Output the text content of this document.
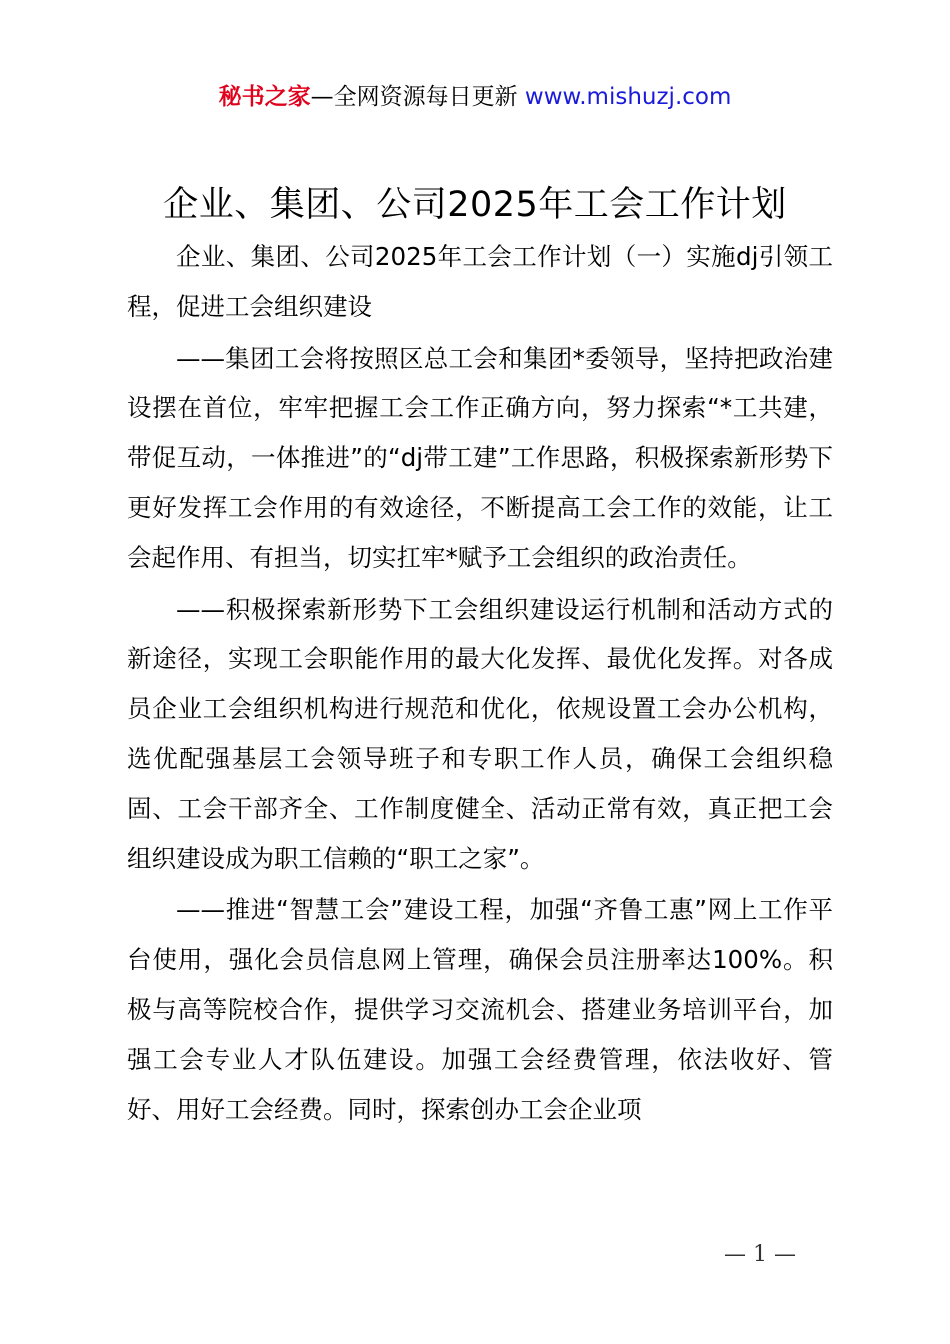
秘书之家—全网资源每日更新 www.mishuzj.com
企业、集团、公司2025年工会工作计划

企业、集团、公司2025年工会工作计划（一）实施dj引领工程，促进工会组织建设

——集团工会将按照区总工会和集团*委领导，坚持把政治建设摆在首位，牢牢把握工会工作正确方向，努力探索“*工共建，带促互动，一体推进”的“dj带工建”工作思路，积极探索新形势下更好发挥工会作用的有效途径，不断提高工会工作的效能，让工会起作用、有担当，切实扛牢*赋予工会组织的政治责任。

——积极探索新形势下工会组织建设运行机制和活动方式的新途径，实现工会职能作用的最大化发挥、最优化发挥。对各成员企业工会组织机构进行规范和优化，依规设置工会办公机构，选优配强基层工会领导班子和专职工作人员，确保工会组织稳固、工会干部齐全、工作制度健全、活动正常有效，真正把工会组织建设成为职工信赖的“职工之家”。

——推进“智慧工会”建设工程，加强“齐鲁工惠”网上工作平台使用，强化会员信息网上管理，确保会员注册率达100%。积极与高等院校合作，提供学习交流机会、搭建业务培训平台，加强工会专业人才队伍建设。加强工会经费管理，依法收好、管好、用好工会经费。同时，探索创办工会企业项

— 1 —
